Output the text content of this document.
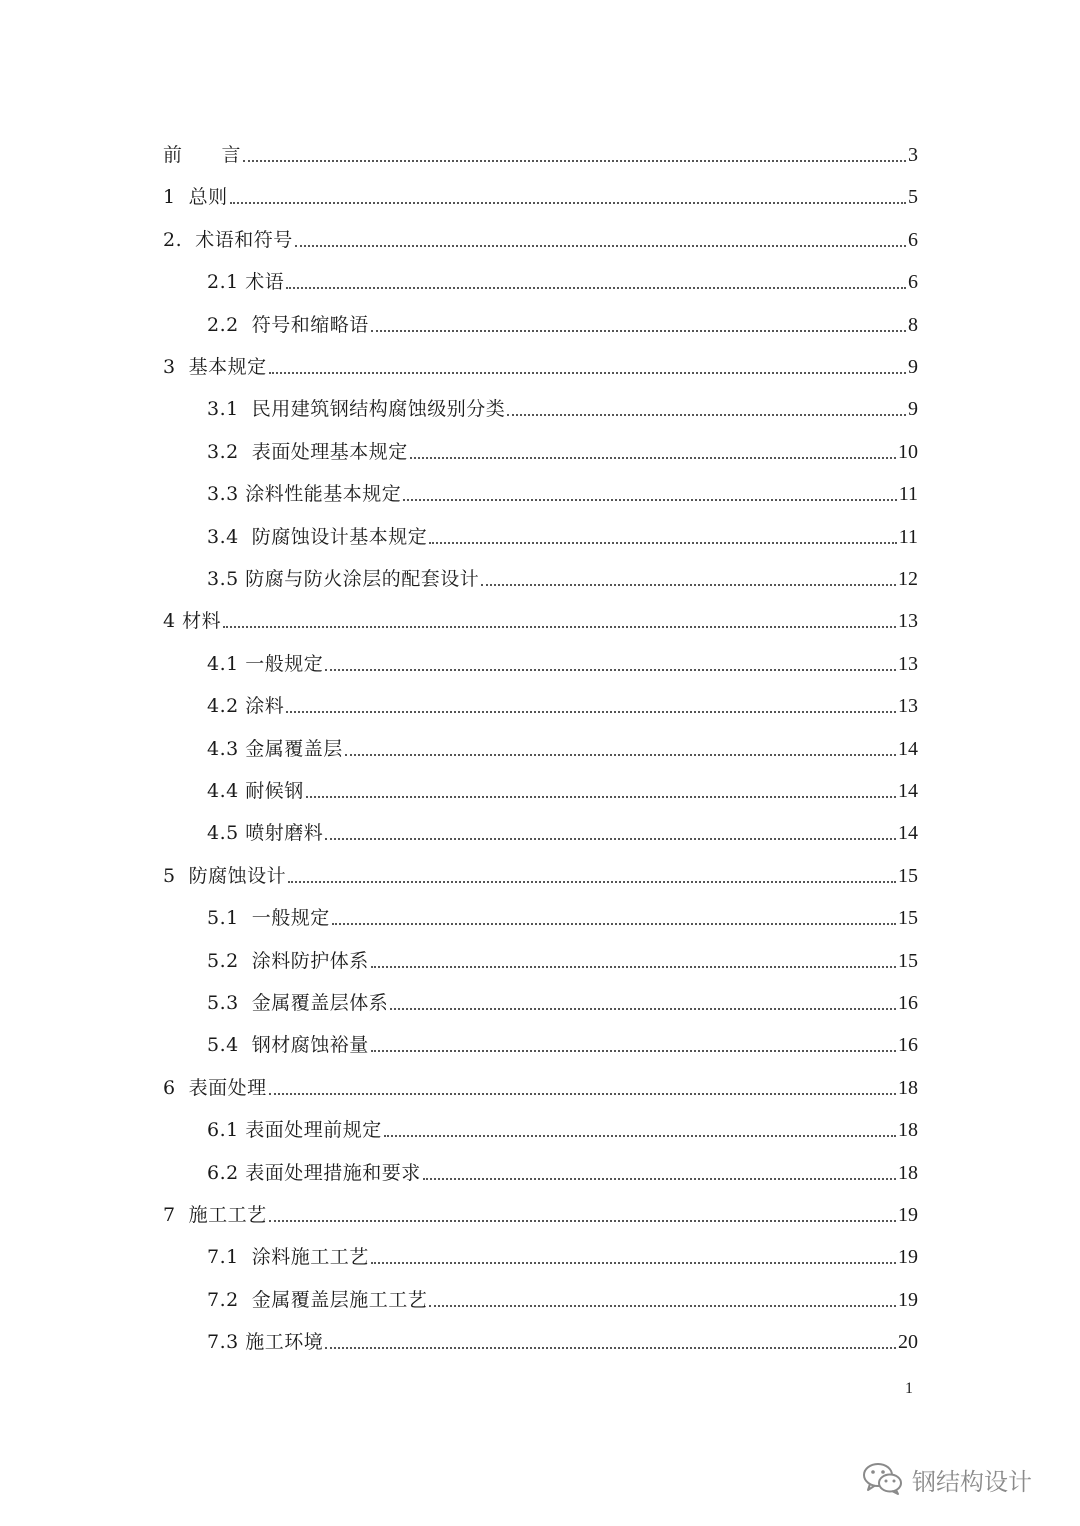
前　　言	3
1  总则	5
2.  术语和符号	6
2.1 术语	6
2.2  符号和缩略语	8
3  基本规定	9
3.1  民用建筑钢结构腐蚀级别分类	9
3.2  表面处理基本规定	10
3.3 涂料性能基本规定	11
3.4  防腐蚀设计基本规定	11
3.5 防腐与防火涂层的配套设计	12
4 材料	13
4.1 一般规定	13
4.2 涂料	13
4.3 金属覆盖层	14
4.4 耐候钢	14
4.5 喷射磨料	14
5  防腐蚀设计	15
5.1  一般规定	15
5.2  涂料防护体系	15
5.3  金属覆盖层体系	16
5.4  钢材腐蚀裕量	16
6  表面处理	18
6.1 表面处理前规定	18
6.2 表面处理措施和要求	18
7  施工工艺	19
7.1  涂料施工工艺	19
7.2  金属覆盖层施工工艺	19
7.3 施工环境	20
1
钢结构设计
